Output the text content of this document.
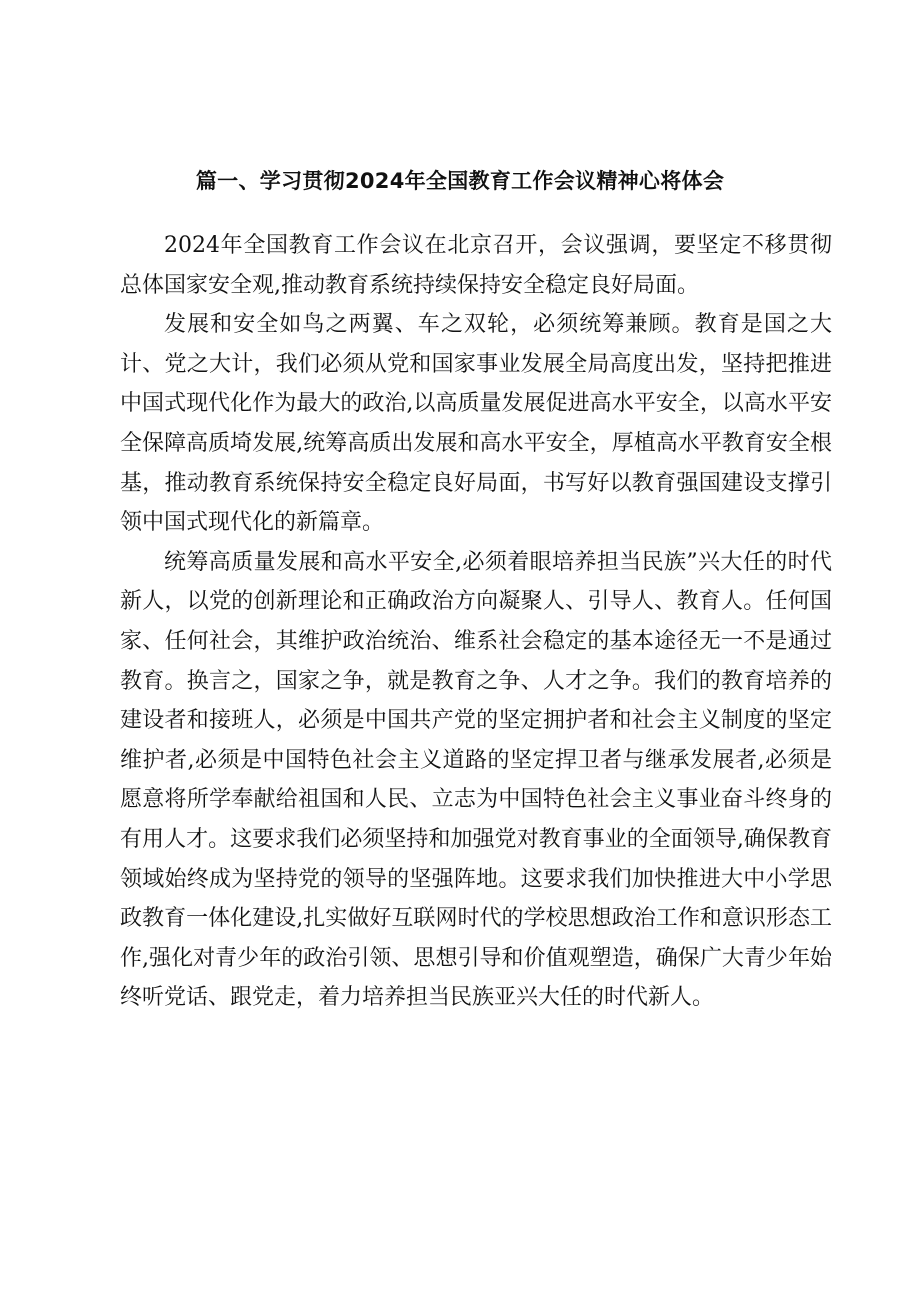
篇一、学习贯彻2024年全国教育工作会议精神心将体会

2024年全国教育工作会议在北京召开，会议强调，要坚定不移贯彻总体国家安全观,推动教育系统持续保持安全稳定良好局面。

发展和安全如鸟之两翼、车之双轮，必须统筹兼顾。教育是国之大计、党之大计，我们必须从党和国家事业发展全局高度出发，坚持把推进中国式现代化作为最大的政治,以高质量发展促进高水平安全，以高水平安全保障高质埼发展,统筹高质出发展和高水平安全，厚植高水平教育安全根基，推动教育系统保持安全稳定良好局面，书写好以教育强国建设支撑引领中国式现代化的新篇章。

统筹高质量发展和高水平安全,必须着眼培养担当民族”兴大任的时代新人，以党的创新理论和正确政治方向凝聚人、引导人、教育人。任何国家、任何社会，其维护政治统治、维系社会稳定的基本途径无一不是通过教育。换言之，国家之争，就是教育之争、人才之争。我们的教育培养的建设者和接班人，必须是中国共产党的坚定拥护者和社会主义制度的坚定维护者,必须是中国特色社会主义道路的坚定捍卫者与继承发展者,必须是愿意将所学奉献给祖国和人民、立志为中国特色社会主义事业奋斗终身的有用人才。这要求我们必须坚持和加强党对教育事业的全面领导,确保教育领域始终成为坚持党的领导的坚强阵地。这要求我们加快推进大中小学思政教育一体化建设,扎实做好互联网时代的学校思想政治工作和意识形态工作,强化对青少年的政治引领、思想引导和价值观塑造，确保广大青少年始终听党话、跟党走，着力培养担当民族亚兴大任的时代新人。
